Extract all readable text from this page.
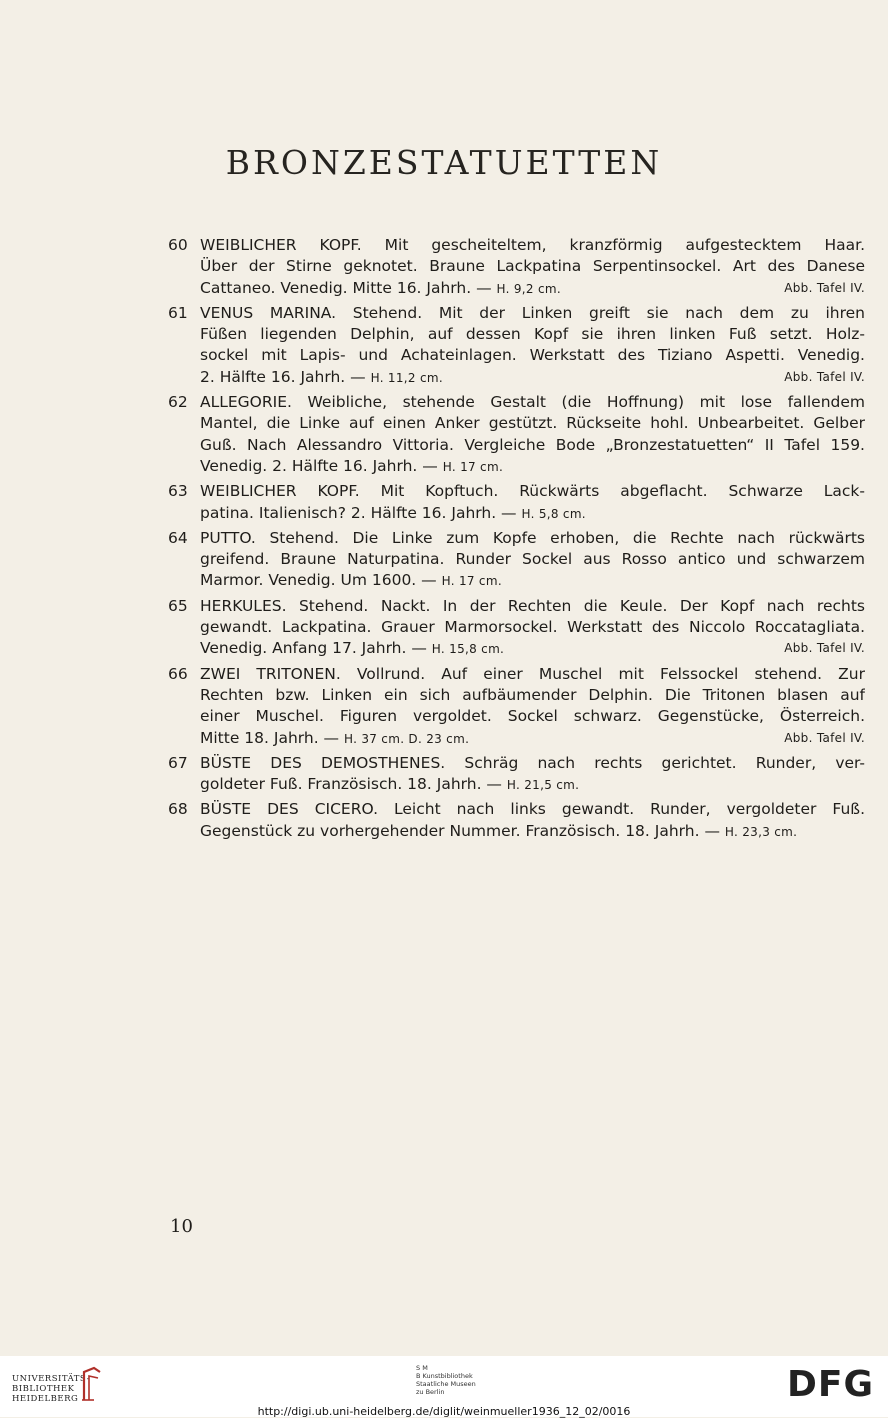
BRONZESTATUETTEN
60 WEIBLICHER KOPF. Mit gescheiteltem, kranzförmig aufgestecktem Haar.
Über der Stirne geknotet. Braune Lackpatina Serpentinsockel. Art des Danese
Cattaneo. Venedig. Mitte 16. Jahrh. — H. 9,2 cm.	Abb. Tafel IV.
61 VENUS MARINA. Stehend. Mit der Linken greift sie nach dem zu ihren
Füßen liegenden Delphin, auf dessen Kopf sie ihren linken Fuß setzt. Holz-
sockel mit Lapis- und Achateinlagen. Werkstatt des Tiziano Aspetti. Venedig.
2. Hälfte 16. Jahrh. — H. 11,2 cm.	Abb. Tafel IV.
62 ALLEGORIE. Weibliche, stehende Gestalt (die Hoffnung) mit lose fallendem
Mantel, die Linke auf einen Anker gestützt. Rückseite hohl. Unbearbeitet. Gelber
Guß. Nach Alessandro Vittoria. Vergleiche Bode „Bronzestatuetten“ II Tafel 159.
Venedig. 2. Hälfte 16. Jahrh. — H. 17 cm.
63 WEIBLICHER KOPF. Mit Kopftuch. Rückwärts abgeflacht. Schwarze Lack-
patina. Italienisch? 2. Hälfte 16. Jahrh. — H. 5,8 cm.
64 PUTTO. Stehend. Die Linke zum Kopfe erhoben, die Rechte nach rückwärts
greifend. Braune Naturpatina. Runder Sockel aus Rosso antico und schwarzem
Marmor. Venedig. Um 1600. — H. 17 cm.
65 HERKULES. Stehend. Nackt. In der Rechten die Keule. Der Kopf nach rechts
gewandt. Lackpatina. Grauer Marmorsockel. Werkstatt des Niccolo Roccatagliata.
Venedig. Anfang 17. Jahrh. — H. 15,8 cm.	Abb. Tafel IV.
66 ZWEI TRITONEN. Vollrund. Auf einer Muschel mit Felssockel stehend. Zur
Rechten bzw. Linken ein sich aufbäumender Delphin. Die Tritonen blasen auf
einer Muschel. Figuren vergoldet. Sockel schwarz. Gegenstücke, Österreich.
Mitte 18. Jahrh. — H. 37 cm. D. 23 cm.	Abb. Tafel IV.
67 BÜSTE DES DEMOSTHENES. Schräg nach rechts gerichtet. Runder, ver-
goldeter Fuß. Französisch. 18. Jahrh. — H. 21,5 cm.
68 BÜSTE DES CICERO. Leicht nach links gewandt. Runder, vergoldeter Fuß.
Gegenstück zu vorhergehender Nummer. Französisch. 18. Jahrh. — H. 23,3 cm.
10
UNIVERSITÄTS-
BIBLIOTHEK
HEIDELBERG
S M
B Kunstbibliothek
Staatliche Museen
zu Berlin	DFG
http://digi.ub.uni-heidelberg.de/diglit/weinmueller1936_12_02/0016
